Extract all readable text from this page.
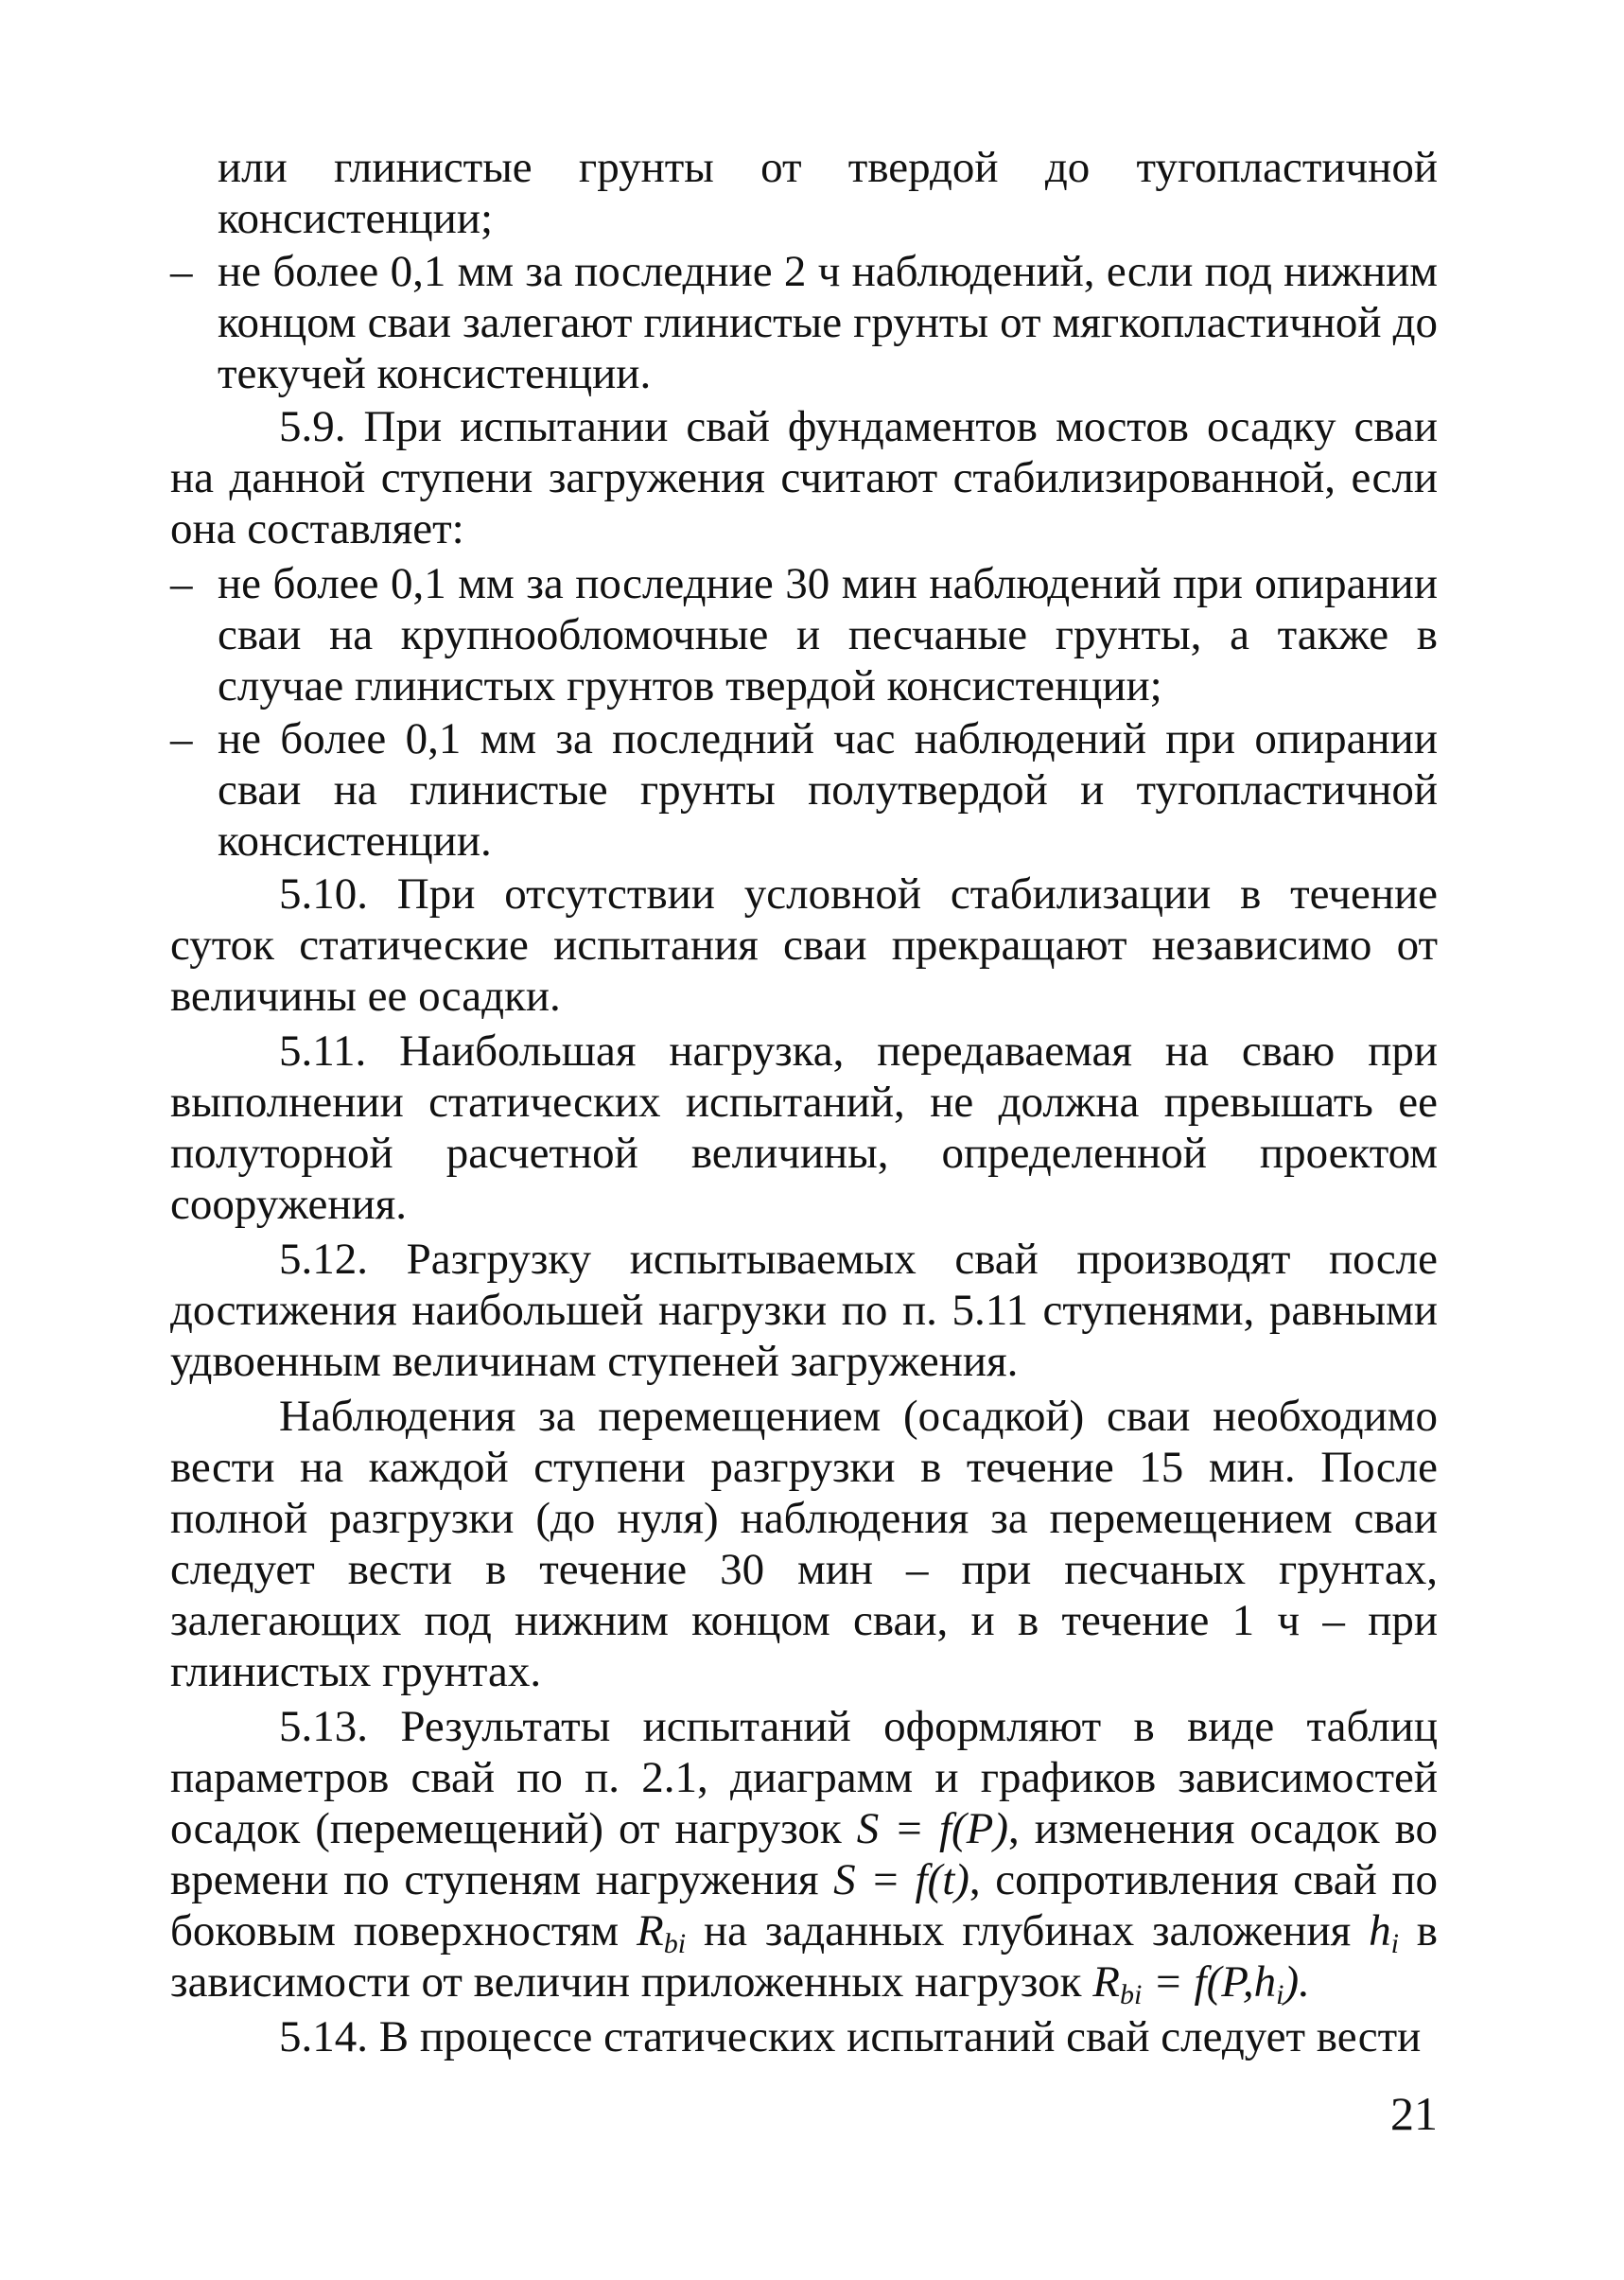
или глинистые грунты от твердой до тугопластичной консистенции;

– не более 0,1 мм за последние 2 ч наблюдений, если под нижним концом сваи залегают глинистые грунты от мягкопластичной до текучей консистенции.

5.9. При испытании свай фундаментов мостов осадку сваи на данной ступени загружения считают стабилизированной, если она составляет:

– не более 0,1 мм за последние 30 мин наблюдений при опирании сваи на крупнообломочные и песчаные грунты, а также в случае глинистых грунтов твердой консистенции;

– не более 0,1 мм за последний час наблюдений при опирании сваи на глинистые грунты полутвердой и тугопластичной консистенции.

5.10. При отсутствии условной стабилизации в течение суток статические испытания сваи прекращают независимо от величины ее осадки.

5.11. Наибольшая нагрузка, передаваемая на сваю при выполнении статических испытаний, не должна превышать ее полуторной расчетной величины, определенной проектом сооружения.

5.12. Разгрузку испытываемых свай производят после достижения наибольшей нагрузки по п. 5.11 ступенями, равными удвоенным величинам ступеней загружения.

Наблюдения за перемещением (осадкой) сваи необходимо вести на каждой ступени разгрузки в течение 15 мин. После полной разгрузки (до нуля) наблюдения за перемещением сваи следует вести в течение 30 мин – при песчаных грунтах, залегающих под нижним концом сваи, и в течение 1 ч – при глинистых грунтах.

5.13. Результаты испытаний оформляют в виде таблиц параметров свай по п. 2.1, диаграмм и графиков зависимостей осадок (перемещений) от нагрузок S = f(P), изменения осадок во времени по ступеням нагружения S = f(t), сопротивления свай по боковым поверхностям $R_{bi}$ на заданных глубинах заложения $h_i$ в зависимости от величин приложенных нагрузок $R_{bi} = f(P,h_i)$.

5.14. В процессе статических испытаний свай следует вести

21
